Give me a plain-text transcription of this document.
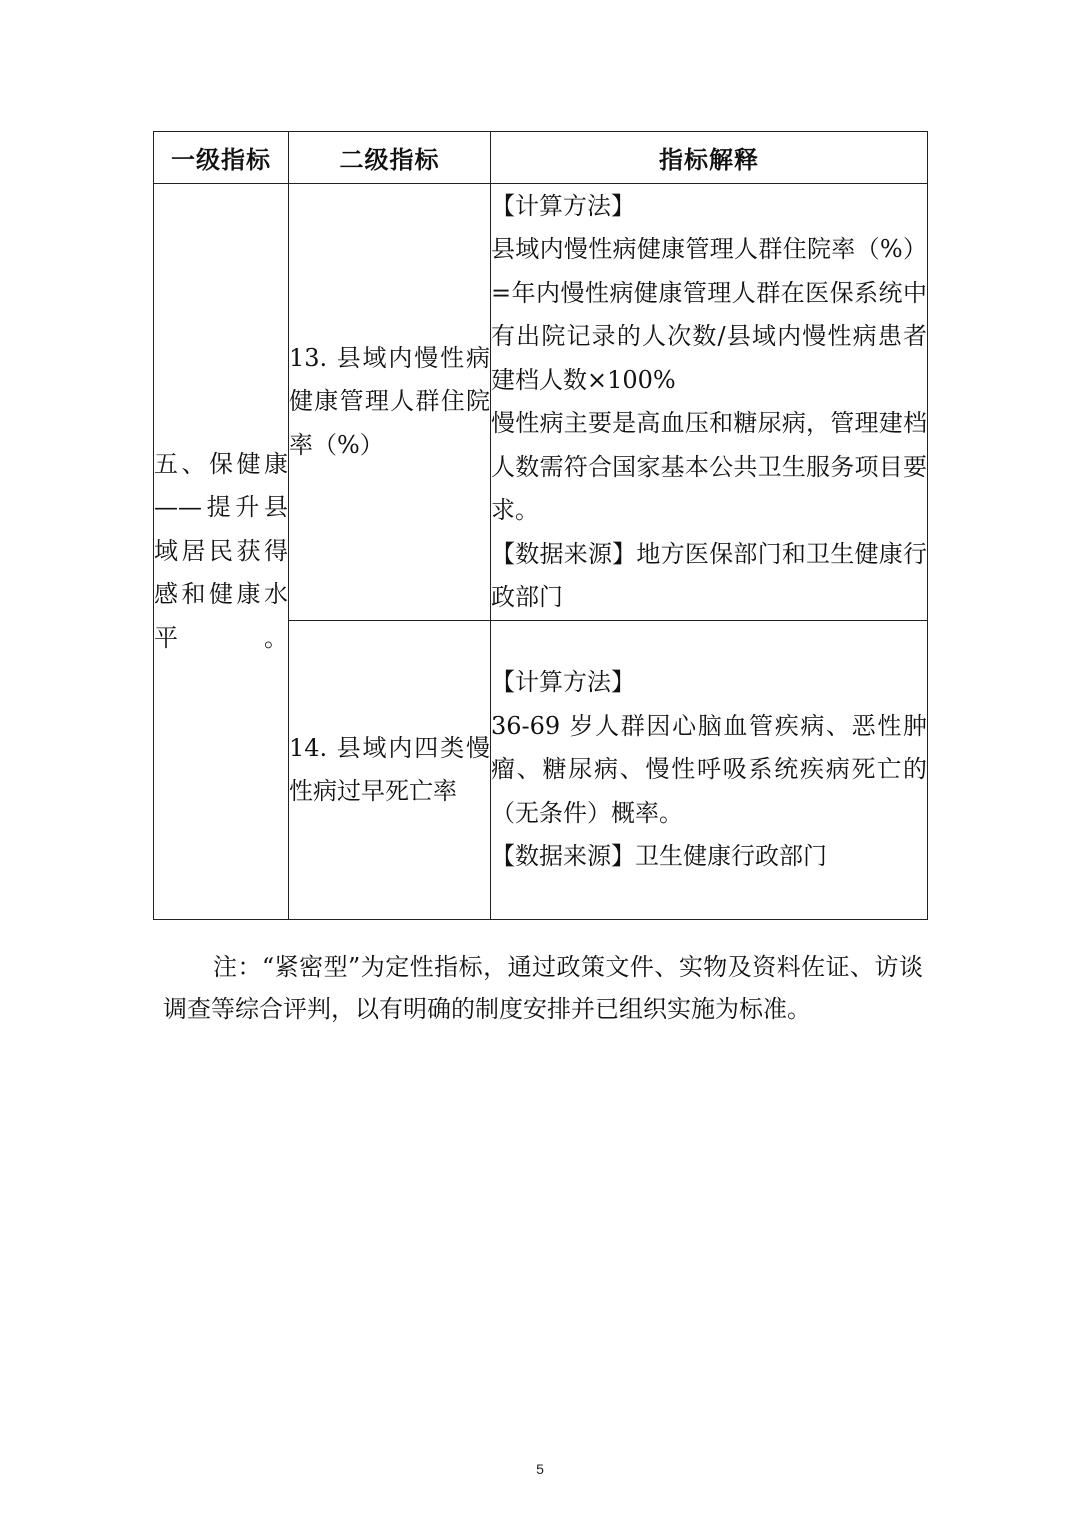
一级指标	二级指标	指标解释
五、保健康——提升县域居民获得感和健康水平。	13. 县域内慢性病健康管理人群住院率（%）	【计算方法】

县域内慢性病健康管理人群住院率（%）=年内慢性病健康管理人群在医保系统中有出院记录的人次数/县域内慢性病患者建档人数×100%

慢性病主要是高血压和糖尿病，管理建档人数需符合国家基本公共卫生服务项目要求。

【数据来源】地方医保部门和卫生健康行政部门

	14. 县域内四类慢性病过早死亡率	【计算方法】

36-69 岁人群因心脑血管疾病、恶性肿瘤、糖尿病、慢性呼吸系统疾病死亡的（无条件）概率。

【数据来源】卫生健康行政部门

注：“紧密型”为定性指标，通过政策文件、实物及资料佐证、访谈调查等综合评判，以有明确的制度安排并已组织实施为标准。

5
